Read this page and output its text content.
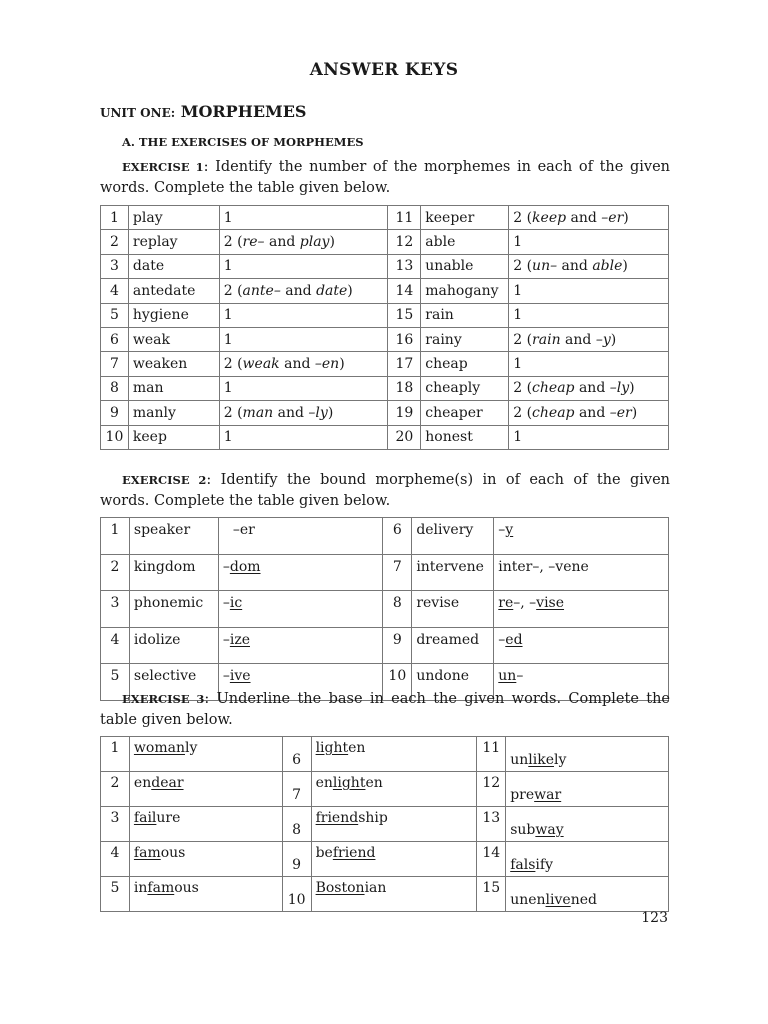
ANSWER KEYS
UNIT ONE: MORPHEMES
A. THE EXERCISES OF MORPHEMES
EXERCISE 1: Identify the number of the morphemes in each of the given words. Complete the table given below.
1	play	1	11	keeper	2 (keep and –er)
2	replay	2 (re– and play)	12	able	1
3	date	1	13	unable	2 (un– and able)
4	antedate	2 (ante– and date)	14	mahogany	1
5	hygiene	1	15	rain	1
6	weak	1	16	rainy	2 (rain and –y)
7	weaken	2 (weak and –en)	17	cheap	1
8	man	1	18	cheaply	2 (cheap and –ly)
9	manly	2 (man and –ly)	19	cheaper	2 (cheap and –er)
10	keep	1	20	honest	1
EXERCISE 2: Identify the bound morpheme(s) in of each of the given words. Complete the table given below.
1	speaker	–er	6	delivery	–y
2	kingdom	–dom	7	intervene	inter–, –vene
3	phonemic	–ic	8	revise	re–, –vise
4	idolize	–ize	9	dreamed	–ed
5	selective	–ive	10	undone	un–
EXERCISE 3: Underline the base in each the given words. Complete the table given below.
1	womanly	6	lighten	11	unlikely
2	endear	7	enlighten	12	prewar
3	failure	8	friendship	13	subway
4	famous	9	befriend	14	falsify
5	infamous	10	Bostonian	15	unenlivened
123
